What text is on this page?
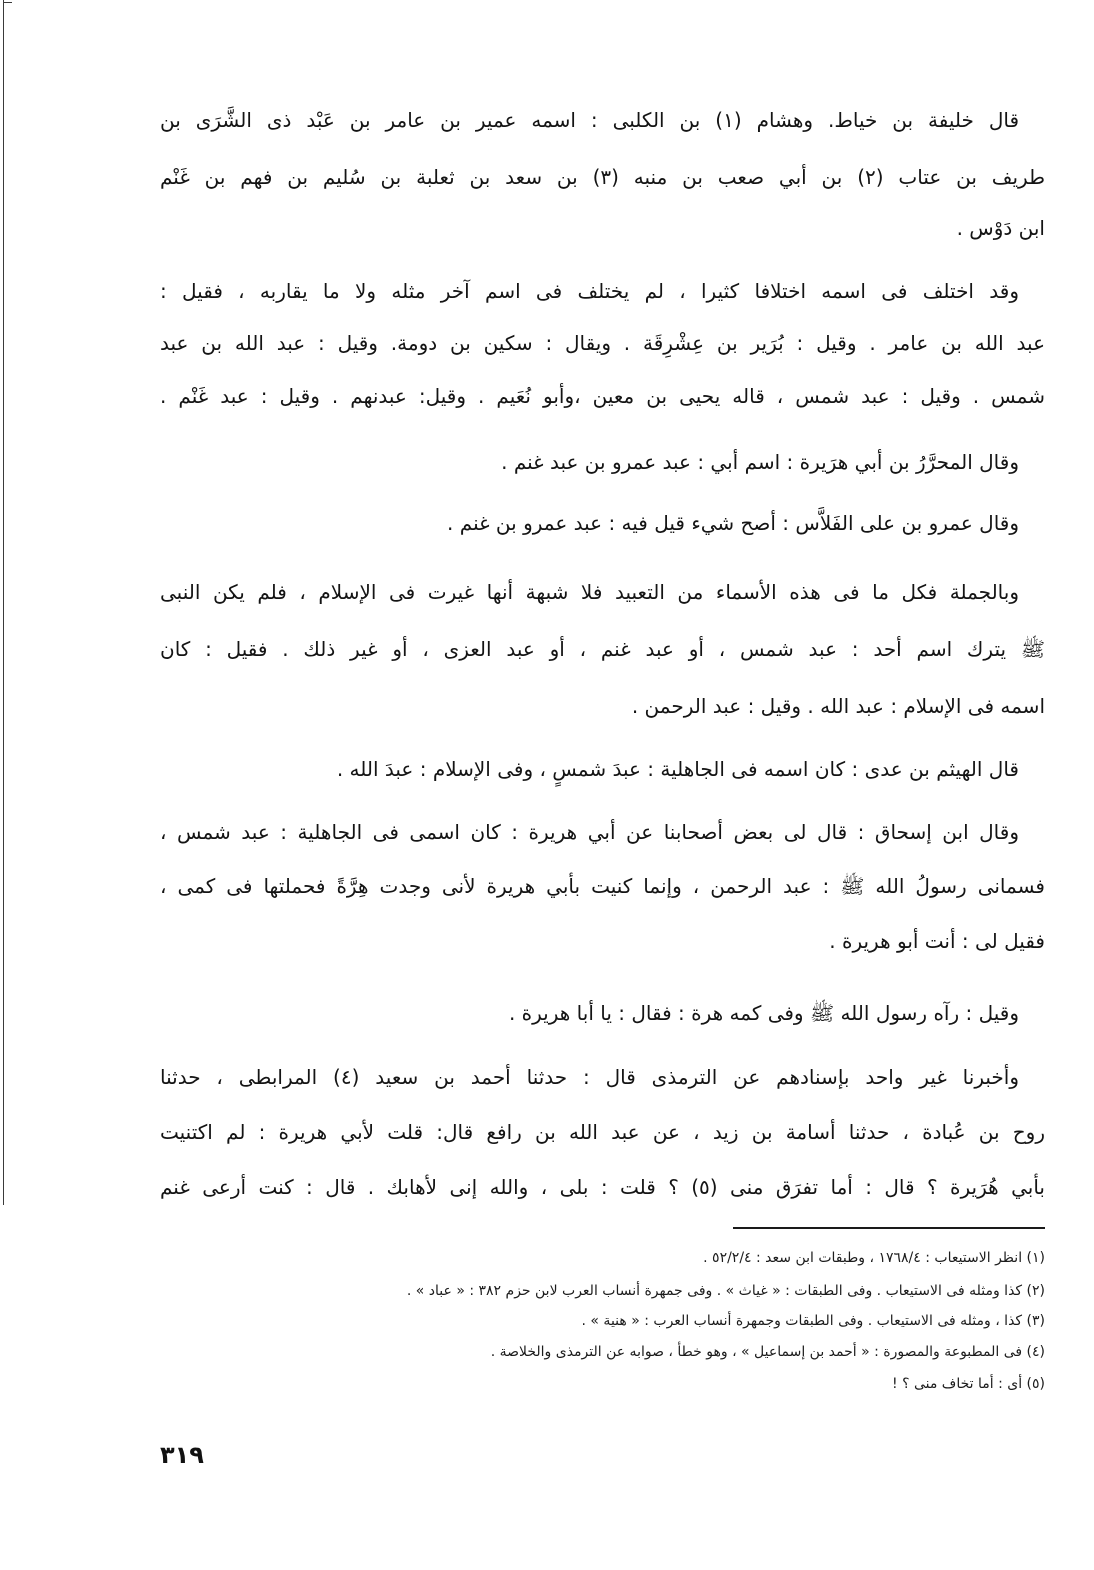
قال خليفة بن خياط. وهشام (١) بن الكلبى : اسمه عمير بن عامر بن عَبْد ذى الشَّرَى بن
طريف بن عتاب (٢) بن أبي صعب بن منبه (٣) بن سعد بن ثعلبة بن سُليم بن فهم بن غَنْم
ابن دَوْس .
وقد اختلف فى اسمه اختلافا كثيرا ، لم يختلف فى اسم آخر مثله ولا ما يقاربه ، فقيل :
عبد الله بن عامر . وقيل : بُرَير بن عِشْرِقَة . ويقال : سكين بن دومة. وقيل : عبد الله بن عبد
شمس . وقيل : عبد شمس ، قاله يحيى بن معين ،وأبو نُعَيم . وقيل: عبدنهم . وقيل : عبد غَنْم .
وقال المحرَّرُ بن أبي هرَيرة : اسم أبي : عبد عمرو بن عبد غنم .
وقال عمرو بن على الفَلاَّس : أصح شيء قيل فيه : عبد عمرو بن غنم .
وبالجملة فكل ما فى هذه الأسماء من التعبيد فلا شبهة أنها غيرت فى الإسلام ، فلم يكن النبى
ﷺ يترك اسم أحد : عبد شمس ، أو عبد غنم ، أو عبد العزى ، أو غير ذلك . فقيل : كان
اسمه فى الإسلام : عبد الله . وقيل : عبد الرحمن .
قال الهيثم بن عدى : كان اسمه فى الجاهلية : عبدَ شمسٍ ، وفى الإسلام : عبدَ الله .
وقال ابن إسحاق : قال لى بعض أصحابنا عن أبي هريرة : كان اسمى فى الجاهلية : عبد شمس ،
فسمانى رسولُ الله ﷺ : عبد الرحمن ، وإنما كنيت بأبي هريرة لأنى وجدت هِرَّةً فحملتها فى كمى ،
فقيل لى : أنت أبو هريرة .
وقيل : رآه رسول الله ﷺ وفى كمه هرة : فقال : يا أبا هريرة .
وأخبرنا غير واحد بإسنادهم عن الترمذى قال : حدثنا أحمد بن سعيد (٤) المرابطى ، حدثنا
روح بن عُبادة ، حدثنا أسامة بن زيد ، عن عبد الله بن رافع قال: قلت لأبي هريرة : لم اكتنيت
بأبي هُرَيرة ؟ قال : أما تفرَق منى (٥) ؟ قلت : بلى ، والله إنى لأهابك . قال : كنت أرعى غنم
(١) انظر الاستيعاب : ١٧٦٨/٤ ، وطبقات ابن سعد : ٥٢/٢/٤ .
(٢) كذا ومثله فى الاستيعاب . وفى الطبقات : « غياث » . وفى جمهرة أنساب العرب لابن حزم ٣٨٢ : « عباد » .
(٣) كذا ، ومثله فى الاستيعاب . وفى الطبقات وجمهرة أنساب العرب : « هنية » .
(٤) فى المطبوعة والمصورة : « أحمد بن إسماعيل » ، وهو خطأ ، صوابه عن الترمذى والخلاصة .
(٥) أى : أما تخاف منى ؟ !
٣١٩
